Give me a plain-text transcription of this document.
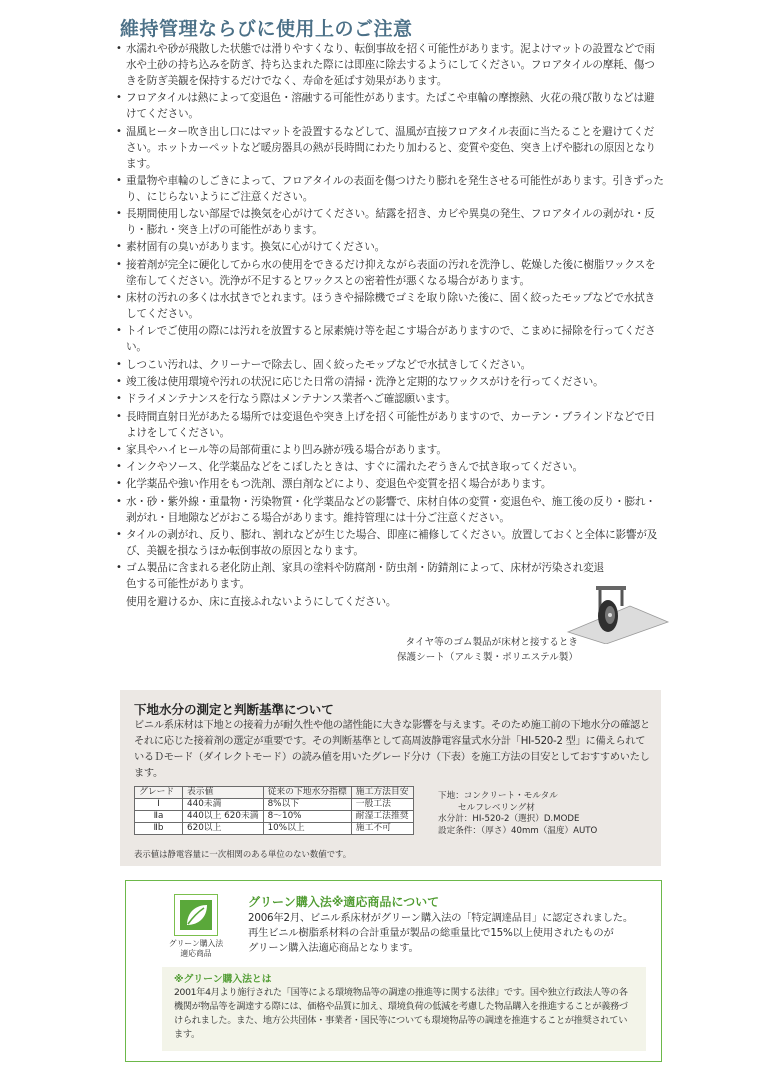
維持管理ならびに使用上のご注意
• 水濡れや砂が飛散した状態では滑りやすくなり、転倒事故を招く可能性があります。泥よけマットの設置などで雨水や土砂の持ち込みを防ぎ、持ち込まれた際には即座に除去するようにしてください。フロアタイルの摩耗、傷つきを防ぎ美観を保持するだけでなく、寿命を延ばす効果があります。
• フロアタイルは熱によって変退色・溶融する可能性があります。たばこや車輪の摩擦熱、火花の飛び散りなどは避けてください。
• 温風ヒーター吹き出し口にはマットを設置するなどして、温風が直接フロアタイル表面に当たることを避けてください。ホットカーペットなど暖房器具の熱が長時間にわたり加わると、変質や変色、突き上げや膨れの原因となります。
• 重量物や車輪のしごきによって、フロアタイルの表面を傷つけたり膨れを発生させる可能性があります。引きずったり、にじらないようにご注意ください。
• 長期間使用しない部屋では換気を心がけてください。結露を招き、カビや異臭の発生、フロアタイルの剥がれ・反り・膨れ・突き上げの可能性があります。
• 素材固有の臭いがあります。換気に心がけてください。
• 接着剤が完全に硬化してから水の使用をできるだけ抑えながら表面の汚れを洗浄し、乾燥した後に樹脂ワックスを塗布してください。洗浄が不足するとワックスとの密着性が悪くなる場合があります。
• 床材の汚れの多くは水拭きでとれます。ほうきや掃除機でゴミを取り除いた後に、固く絞ったモップなどで水拭きしてください。
• トイレでご使用の際には汚れを放置すると尿素焼け等を起こす場合がありますので、こまめに掃除を行ってください。
• しつこい汚れは、クリーナーで除去し、固く絞ったモップなどで水拭きしてください。
• 竣工後は使用環境や汚れの状況に応じた日常の清掃・洗浄と定期的なワックスがけを行ってください。
• ドライメンテナンスを行なう際はメンテナンス業者へご確認願います。
• 長時間直射日光があたる場所では変退色や突き上げを招く可能性がありますので、カーテン・ブラインドなどで日よけをしてください。
• 家具やハイヒール等の局部荷重により凹み跡が残る場合があります。
• インクやソース、化学薬品などをこぼしたときは、すぐに濡れたぞうきんで拭き取ってください。
• 化学薬品や強い作用をもつ洗剤、漂白剤などにより、変退色や変質を招く場合があります。
• 水・砂・紫外線・重量物・汚染物質・化学薬品などの影響で、床材自体の変質・変退色や、施工後の反り・膨れ・剥がれ・目地隙などがおこる場合があります。維持管理には十分ご注意ください。
• タイルの剥がれ、反り、膨れ、割れなどが生じた場合、即座に補修してください。放置しておくと全体に影響が及び、美観を損なうほか転倒事故の原因となります。
• ゴム製品に含まれる老化防止剤、家具の塗料や防腐剤・防虫剤・防錆剤によって、床材が汚染され変退色する可能性があります。
使用を避けるか、床に直接ふれないようにしてください。
タイヤ等のゴム製品が床材と接するとき
保護シート（アルミ製・ポリエステル製）
下地水分の測定と判断基準について
ビニル系床材は下地との接着力が耐久性や他の諸性能に大きな影響を与えます。そのため施工前の下地水分の確認とそれに応じた接着剤の選定が重要です。その判断基準として高周波静電容量式水分計「HI-520-2 型」に備えられているＤモード（ダイレクトモード）の読み値を用いたグレード分け（下表）を施工方法の目安としておすすめいたします。
グレード	表示値	従来の下地水分指標	施工方法目安
Ⅰ	440未満	8%以下	一般工法
Ⅱa	440以上 620未満	8〜10%	耐湿工法推奨
Ⅱb	620以上	10%以上	施工不可
下地：コンクリート・モルタル
セルフレベリング材
水分計：HI-520-2（選択）D.MODE
設定条件：（厚さ）40mm（温度）AUTO
表示値は静電容量に一次相関のある単位のない数値です。
グリーン購入法
適応商品
グリーン購入法※適応商品について
2006年2月、ビニル系床材がグリーン購入法の「特定調達品目」に認定されました。
再生ビニル樹脂系材料の合計重量が製品の総重量比で15%以上使用されたものが
グリーン購入法適応商品となります。
※グリーン購入法とは
2001年4月より施行された「国等による環境物品等の調達の推進等に関する法律」です。国や独立行政法人等の各機関が物品等を調達する際には、価格や品質に加え、環境負荷の低減を考慮した物品購入を推進することが義務づけられました。また、地方公共団体・事業者・国民等についても環境物品等の調達を推進することが推奨されています。
